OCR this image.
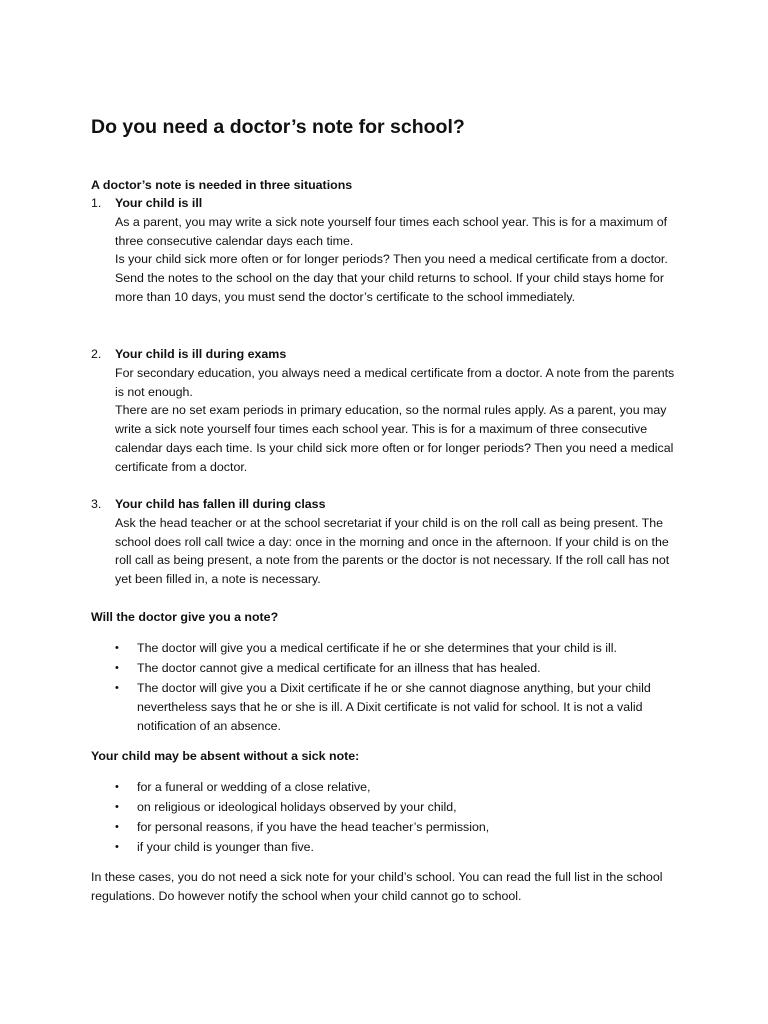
Do you need a doctor’s note for school?
A doctor’s note is needed in three situations
1.	Your child is ill

As a parent, you may write a sick note yourself four times each school year. This is for a maximum of three consecutive calendar days each time.

Is your child sick more often or for longer periods? Then you need a medical certificate from a doctor.

Send the notes to the school on the day that your child returns to school. If your child stays home for more than 10 days, you must send the doctor’s certificate to the school immediately.

2.	Your child is ill during exams

For secondary education, you always need a medical certificate from a doctor. A note from the parents is not enough.

There are no set exam periods in primary education, so the normal rules apply. As a parent, you may write a sick note yourself four times each school year. This is for a maximum of three consecutive calendar days each time. Is your child sick more often or for longer periods? Then you need a medical certificate from a doctor.

3.	Your child has fallen ill during class

Ask the head teacher or at the school secretariat if your child is on the roll call as being present. The school does roll call twice a day: once in the morning and once in the afternoon. If your child is on the roll call as being present, a note from the parents or the doctor is not necessary. If the roll call has not yet been filled in, a note is necessary.

Will the doctor give you a note?
• The doctor will give you a medical certificate if he or she determines that your child is ill.
• The doctor cannot give a medical certificate for an illness that has healed.
• The doctor will give you a Dixit certificate if he or she cannot diagnose anything, but your child nevertheless says that he or she is ill. A Dixit certificate is not valid for school. It is not a valid notification of an absence.
Your child may be absent without a sick note:
• for a funeral or wedding of a close relative,
• on religious or ideological holidays observed by your child,
• for personal reasons, if you have the head teacher’s permission,
• if your child is younger than five.
In these cases, you do not need a sick note for your child’s school. You can read the full list in the school regulations. Do however notify the school when your child cannot go to school.
